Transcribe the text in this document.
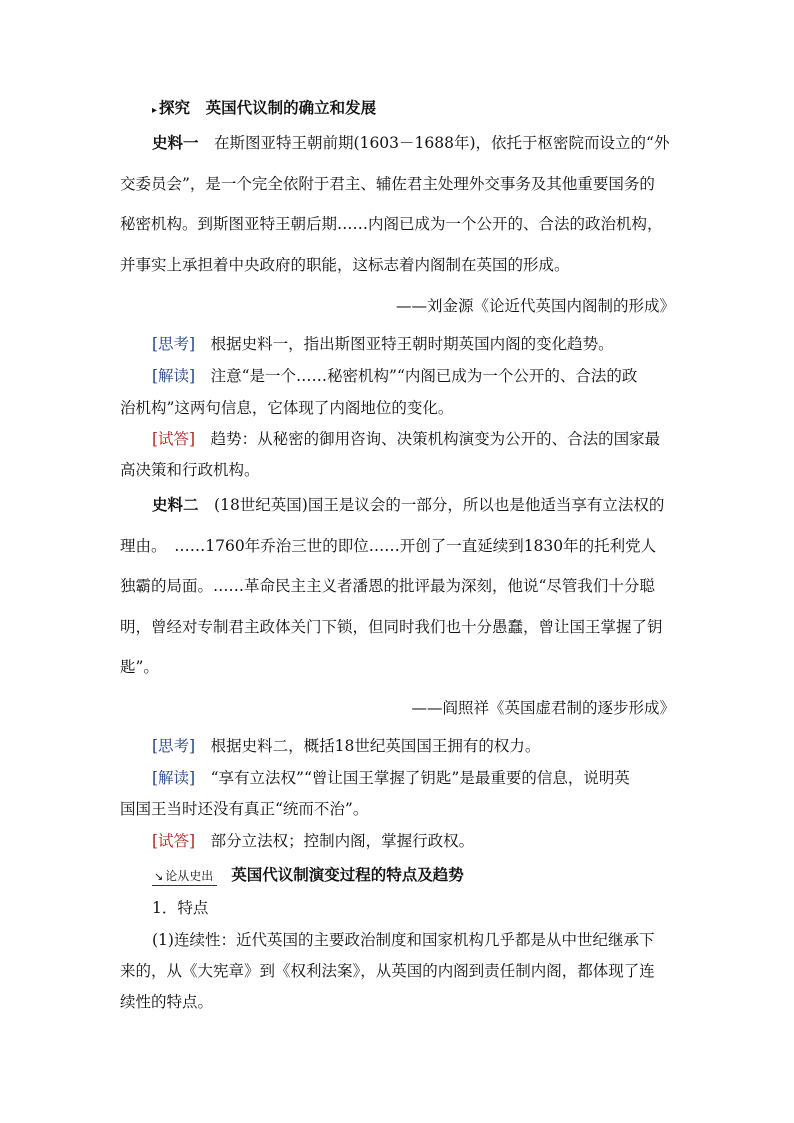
▸ 探究　 英国代议制的确立和发展
史料一　 在斯图亚特王朝前期(1603－1688年)，依托于枢密院而设立的“外
交委员会”，是一个完全依附于君主、辅佐君主处理外交事务及其他重要国务的
秘密机构。到斯图亚特王朝后期……内阁已成为一个公开的、合法的政治机构，
并事实上承担着中央政府的职能，这标志着内阁制在英国的形成。
——刘金源《论近代英国内阁制的形成》
[思考]　 根据史料一，指出斯图亚特王朝时期英国内阁的变化趋势。
[解读]　 注意“是一个……秘密机构”“内阁已成为一个公开的、合法的政
治机构”这两句信息，它体现了内阁地位的变化。
[试答]　 趋势：从秘密的御用咨询、决策机构演变为公开的、合法的国家最
高决策和行政机构。
史料二　 (18世纪英国)国王是议会的一部分，所以也是他适当享有立法权的
理由。　……1760年乔治三世的即位……开创了一直延续到1830年的托利党人
独霸的局面。……革命民主主义者潘恩的批评最为深刻，他说“尽管我们十分聪
明，曾经对专制君主政体关门下锁，但同时我们也十分愚蠢，曾让国王掌握了钥
匙”。
——阎照祥《英国虚君制的逐步形成》
[思考]　 根据史料二，概括18世纪英国国王拥有的权力。
[解读]　 “享有立法权”“曾让国王掌握了钥匙”是最重要的信息，说明英
国国王当时还没有真正“统而不治”。
[试答]　 部分立法权；控制内阁，掌握行政权。
↘ 论从史出 英国代议制演变过程的特点及趋势
1．特点
(1)连续性：近代英国的主要政治制度和国家机构几乎都是从中世纪继承下
来的，从《大宪章》到《权利法案》，从英国的内阁到责任制内阁，都体现了连
续性的特点。
